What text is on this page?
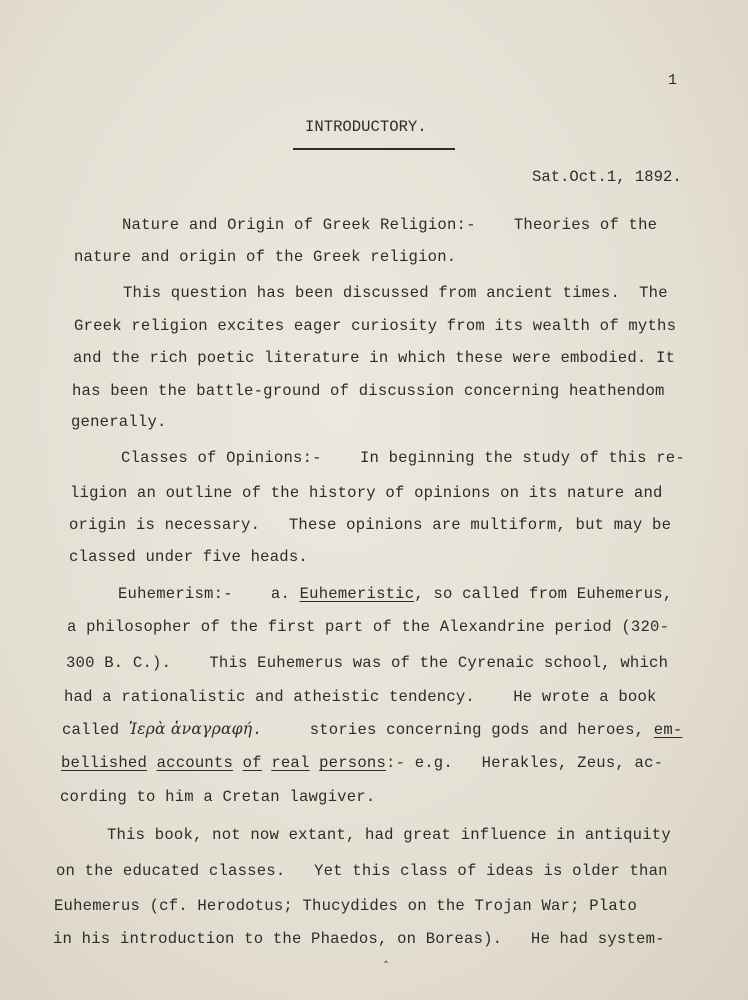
1
INTRODUCTORY.
Sat.Oct.1, 1892.
Nature and Origin of Greek Religion:-    Theories of the
nature and origin of the Greek religion.
This question has been discussed from ancient times.  The
Greek religion excites eager curiosity from its wealth of myths
and the rich poetic literature in which these were embodied. It
has been the battle-ground of discussion concerning heathendom
generally.
Classes of Opinions:-    In beginning the study of this re-
ligion an outline of the history of opinions on its nature and
origin is necessary.   These opinions are multiform, but may be
classed under five heads.
Euhemerism:-    a. Euhemeristic, so called from Euhemerus,
a philosopher of the first part of the Alexandrine period (320-
300 B. C.).    This Euhemerus was of the Cyrenaic school, which
had a rationalistic and atheistic tendency.    He wrote a book
called Ἱερὰ ἀναγραφή.     stories concerning gods and heroes, em-
bellished accounts of real persons:- e.g.   Herakles, Zeus, ac-
cording to him a Cretan lawgiver.
This book, not now extant, had great influence in antiquity
on the educated classes.   Yet this class of ideas is older than
Euhemerus (cf. Herodotus; Thucydides on the Trojan War; Plato
in his introduction to the Phaedos, on Boreas).   He had system-
‸
